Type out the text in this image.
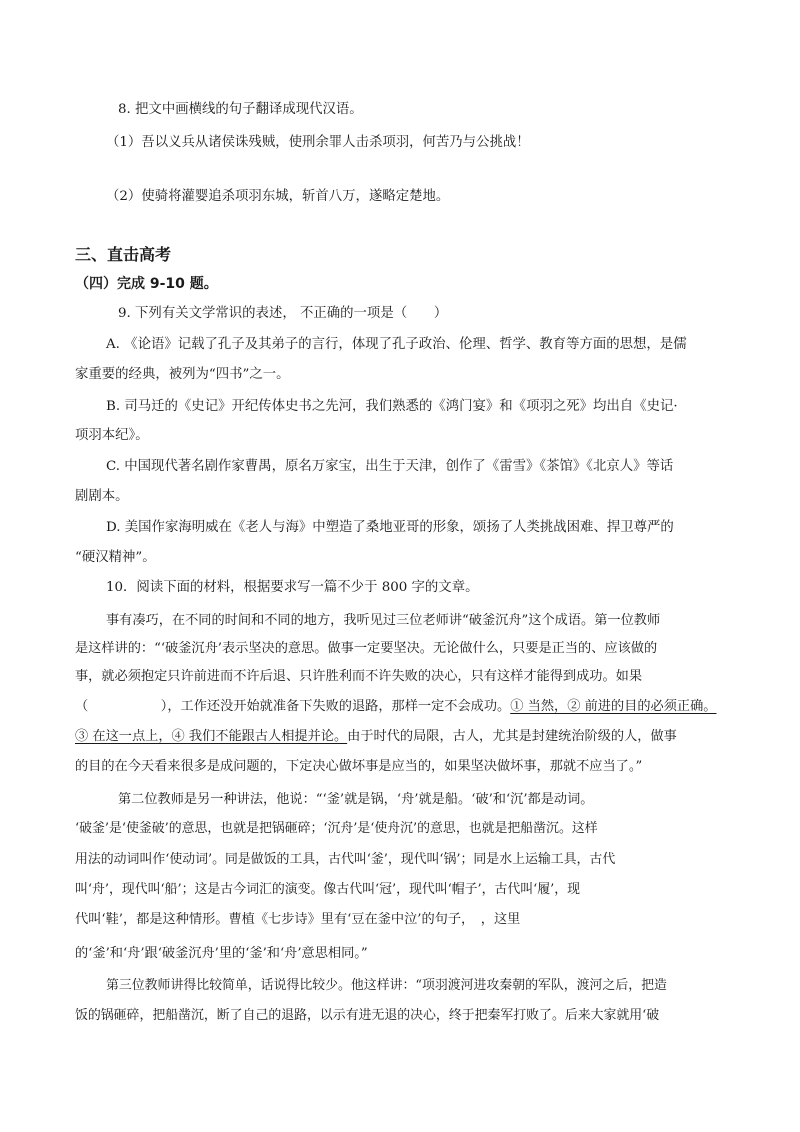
8. 把文中画横线的句子翻译成现代汉语。
（1）吾以义兵从诸侯诛残贼，使刑余罪人击杀项羽，何苦乃与公挑战！
（2）使骑将灌婴追杀项羽东城，斩首八万，遂略定楚地。
三、直击高考
（四）完成 9-10 题。
9. 下列有关文学常识的表述， 不正确的一项是（　　）
A. 《论语》记载了孔子及其弟子的言行，体现了孔子政治、伦理、哲学、教育等方面的思想，是儒
家重要的经典，被列为“四书”之一。
B. 司马迁的《史记》开纪传体史书之先河，我们熟悉的《鸿门宴》和《项羽之死》均出自《史记·
项羽本纪》。
C. 中国现代著名剧作家曹禺，原名万家宝，出生于天津，创作了《雷雪》《茶馆》《北京人》等话
剧剧本。
D. 美国作家海明威在《老人与海》中塑造了桑地亚哥的形象，颂扬了人类挑战困难、捍卫尊严的
“硬汉精神”。
10．阅读下面的材料，根据要求写一篇不少于 800 字的文章。
事有凑巧，在不同的时间和不同的地方，我听见过三位老师讲“破釜沉舟”这个成语。第一位教师
是这样讲的：“‘破釜沉舟’表示坚决的意思。做事一定要坚决。无论做什么，只要是正当的、应该做的
事，就必须抱定只许前进而不许后退、只许胜利而不许失败的决心，只有这样才能得到成功。如果
（	），工作还没开始就准备下失败的退路，那样一定不会成功。① 当然，② 前进的目的必须正确。
③ 在这一点上，④ 我们不能跟古人相提并论。由于时代的局限，古人，尤其是封建统治阶级的人，做事
的目的在今天看来很多是成问题的，下定决心做坏事是应当的，如果坚决做坏事，那就不应当了。”
第二位教师是另一种讲法，他说：“‘釜’就是锅，‘舟’就是船。‘破’和‘沉’都是动词。
‘破釜’是‘使釜破’的意思，也就是把锅砸碎；‘沉舟’是‘使舟沉’的意思，也就是把船凿沉。这样
用法的动词叫作‘使动词’。同是做饭的工具，古代叫‘釜’，现代叫‘锅’；同是水上运输工具，古代
叫‘舟’，现代叫‘船’；这是古今词汇的演变。像古代叫‘冠’，现代叫‘帽子’，古代叫‘履’，现
代叫‘鞋’，都是这种情形。曹植《七步诗》里有‘豆在釜中泣’的句子，　，这里
的‘釜’和‘舟’跟‘破釜沉舟’里的‘釜’和‘舟’意思相同。”
第三位教师讲得比较简单，话说得比较少。他这样讲：“项羽渡河进攻秦朝的军队，渡河之后，把造
饭的锅砸碎，把船凿沉，断了自己的退路，以示有进无退的决心，终于把秦军打败了。后来大家就用‘破
